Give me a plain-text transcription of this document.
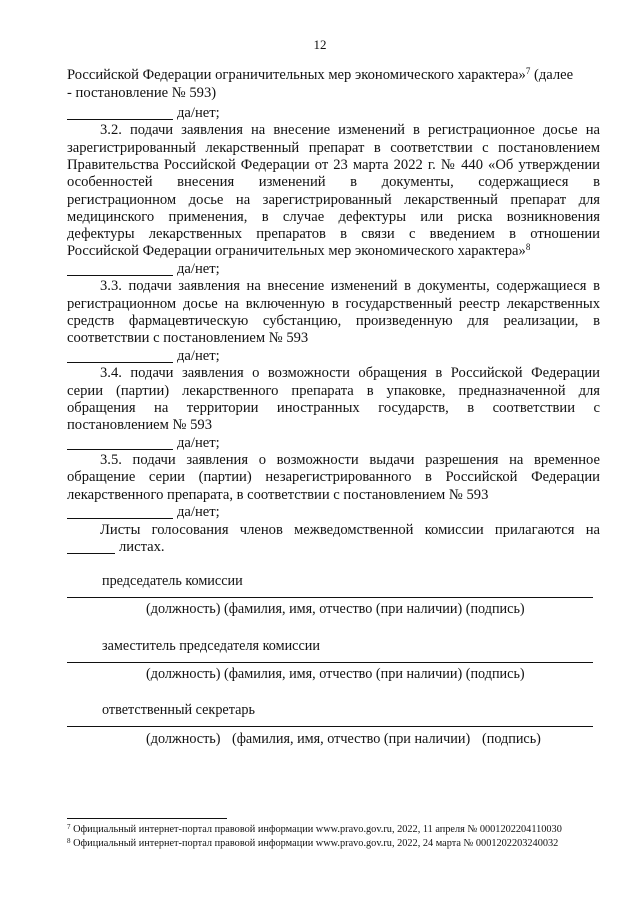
12
Российской Федерации ограничительных мер экономического характера»$^7$ (далее
- постановление № 593)
да/нет;
3.2. подачи заявления на внесение изменений в регистрационное досье на
зарегистрированный лекарственный препарат в соответствии с постановлением
Правительства Российской Федерации от 23 марта 2022 г. № 440 «Об утверждении
особенностей внесения изменений в документы, содержащиеся в
регистрационном досье на зарегистрированный лекарственный препарат для
медицинского применения, в случае дефектуры или риска возникновения
дефектуры лекарственных препаратов в связи с введением в отношении
Российской Федерации ограничительных мер экономического характера»$^8$
да/нет;
3.3. подачи заявления на внесение изменений в документы, содержащиеся в
регистрационном досье на включенную в государственный реестр лекарственных
средств фармацевтическую субстанцию, произведенную для реализации, в
соответствии с постановлением № 593
да/нет;
3.4. подачи заявления о возможности обращения в Российской Федерации
серии (партии) лекарственного препарата в упаковке, предназначенной для
обращения на территории иностранных государств, в соответствии с
постановлением № 593
да/нет;
3.5. подачи заявления о возможности выдачи разрешения на временное
обращение серии (партии) незарегистрированного в Российской Федерации
лекарственного препарата, в соответствии с постановлением № 593
да/нет;
Листы голосования членов межведомственной комиссии прилагаются на
листах.
председатель комиссии
(должность) (фамилия, имя, отчество (при наличии) (подпись)
заместитель председателя комиссии
(должность) (фамилия, имя, отчество (при наличии) (подпись)
ответственный секретарь
(должность) (фамилия, имя, отчество (при наличии) (подпись)
$^7$ Официальный интернет-портал правовой информации www.pravo.gov.ru, 2022, 11 апреля № 0001202204110030
$^8$ Официальный интернет-портал правовой информации www.pravo.gov.ru, 2022, 24 марта № 0001202203240032
